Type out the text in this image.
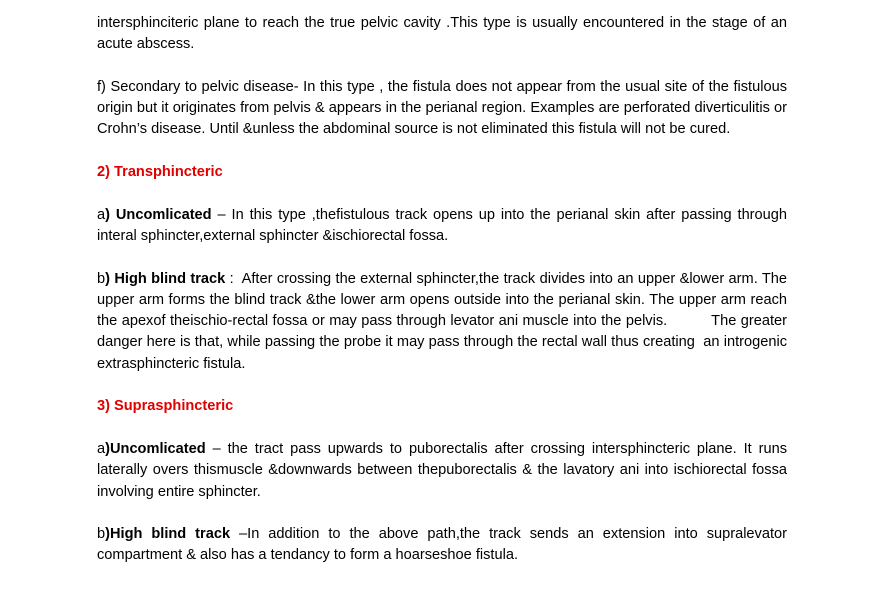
intersphinciteric plane to reach the true pelvic cavity .This type is usually encountered in the stage of an acute abscess.

f) Secondary to pelvic disease- In this type , the fistula does not appear from the usual site of the fistulous origin but it originates from pelvis & appears in the perianal region. Examples are perforated diverticulitis or Crohn’s disease. Until &unless the abdominal source is not eliminated this fistula will not be cured.

2) Transphincteric

a) Uncomlicated – In this type ,thefistulous track opens up into the perianal skin after passing through interal sphincter,external sphincter &ischiorectal fossa.

b) High blind track :  After crossing the external sphincter,the track divides into an upper &lower arm. The upper arm forms the blind track &the lower arm opens outside into the perianal skin. The upper arm reach the apexof theischio-rectal fossa or may pass through levator ani muscle into the pelvis.          The greater danger here is that, while passing the probe it may pass through the rectal wall thus creating  an introgenic extrasphincteric fistula.

3) Suprasphincteric

a)Uncomlicated – the tract pass upwards to puborectalis after crossing intersphincteric plane. It runs laterally overs thismuscle &downwards between thepuborectalis & the lavatory ani into ischiorectal fossa involving entire sphincter.

b)High blind track –In addition to the above path,the track sends an extension into supralevator compartment & also has a tendancy to form a hoarseshoe fistula.
